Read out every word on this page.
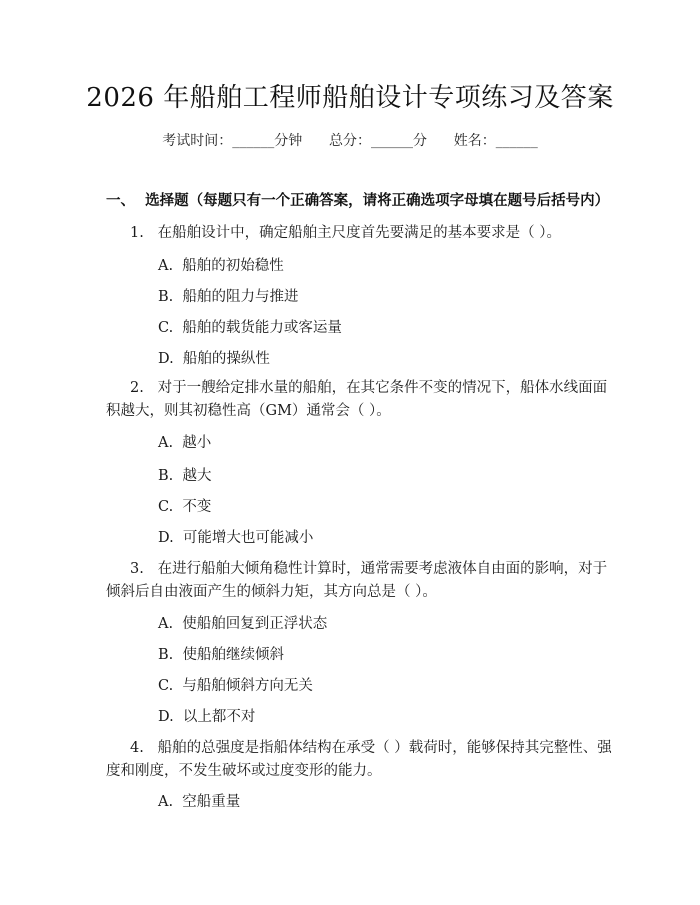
2026 年船舶工程师船舶设计专项练习及答案
考试时间：______分钟      总分：______分      姓名：______
一、  选择题（每题只有一个正确答案，请将正确选项字母填在题号后括号内）
1. 在船舶设计中，确定船舶主尺度首先要满足的基本要求是（ ）。
A.  船舶的初始稳性
B.  船舶的阻力与推进
C.  船舶的载货能力或客运量
D.  船舶的操纵性
2. 对于一艘给定排水量的船舶，在其它条件不变的情况下，船体水线面面积越大，则其初稳性高（GM）通常会（ ）。
A.  越小
B.  越大
C.  不变
D.  可能增大也可能减小
3. 在进行船舶大倾角稳性计算时，通常需要考虑液体自由面的影响，对于倾斜后自由液面产生的倾斜力矩，其方向总是（ ）。
A.  使船舶回复到正浮状态
B.  使船舶继续倾斜
C.  与船舶倾斜方向无关
D.  以上都不对
4. 船舶的总强度是指船体结构在承受（ ）载荷时，能够保持其完整性、强度和刚度，不发生破坏或过度变形的能力。
A.  空船重量
